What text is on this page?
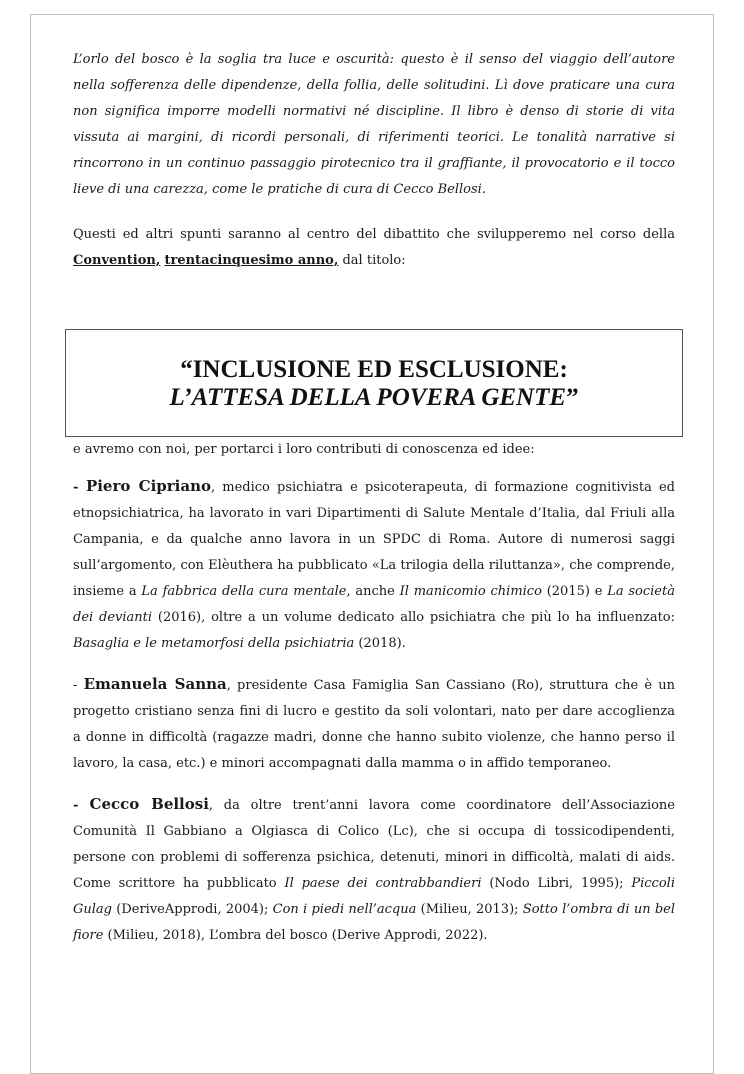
L’orlo del bosco è la soglia tra luce e oscurità: questo è il senso del viaggio dell’autore nella sofferenza delle dipendenze, della follia, delle solitudini. Lì dove praticare una cura non significa imporre modelli normativi né discipline. Il libro è denso di storie di vita vissuta ai margini, di ricordi personali, di riferimenti teorici. Le tonalità narrative si rincorrono in un continuo passaggio pirotecnico tra il graffiante, il provocatorio e il tocco lieve di una carezza, come le pratiche di cura di Cecco Bellosi.

Questi ed altri spunti saranno al centro del dibattito che svilupperemo nel corso della Convention, trentacinquesimo anno, dal titolo:

“INCLUSIONE ED ESCLUSIONE:
L’ATTESA DELLA POVERA GENTE”

e avremo con noi, per portarci i loro contributi di conoscenza ed idee:

- Piero Cipriano, medico psichiatra e psicoterapeuta, di formazione cognitivista ed etnopsichiatrica, ha lavorato in vari Dipartimenti di Salute Mentale d’Italia, dal Friuli alla Campania, e da qualche anno lavora in un SPDC di Roma. Autore di numerosi saggi sull’argomento, con Elèuthera ha pubblicato «La trilogia della riluttanza», che comprende, insieme a La fabbrica della cura mentale, anche Il manicomio chimico (2015) e La società dei devianti (2016), oltre a un volume dedicato allo psichiatra che più lo ha influenzato: Basaglia e le metamorfosi della psichiatria (2018).

- Emanuela Sanna, presidente Casa Famiglia San Cassiano (Ro), struttura che è un progetto cristiano senza fini di lucro e gestito da soli volontari, nato per dare accoglienza a donne in difficoltà (ragazze madri, donne che hanno subito violenze, che hanno perso il lavoro, la casa, etc.) e minori accompagnati dalla mamma o in affido temporaneo.

- Cecco Bellosi, da oltre trent’anni lavora come coordinatore dell’Associazione Comunità Il Gabbiano a Olgiasca di Colico (Lc), che si occupa di tossicodipendenti, persone con problemi di sofferenza psichica, detenuti, minori in difficoltà, malati di aids. Come scrittore ha pubblicato Il paese dei contrabbandieri (Nodo Libri, 1995); Piccoli Gulag (DeriveApprodi, 2004); Con i piedi nell’acqua (Milieu, 2013); Sotto l’ombra di un bel fiore (Milieu, 2018), L’ombra del bosco (Derive Approdi, 2022).
